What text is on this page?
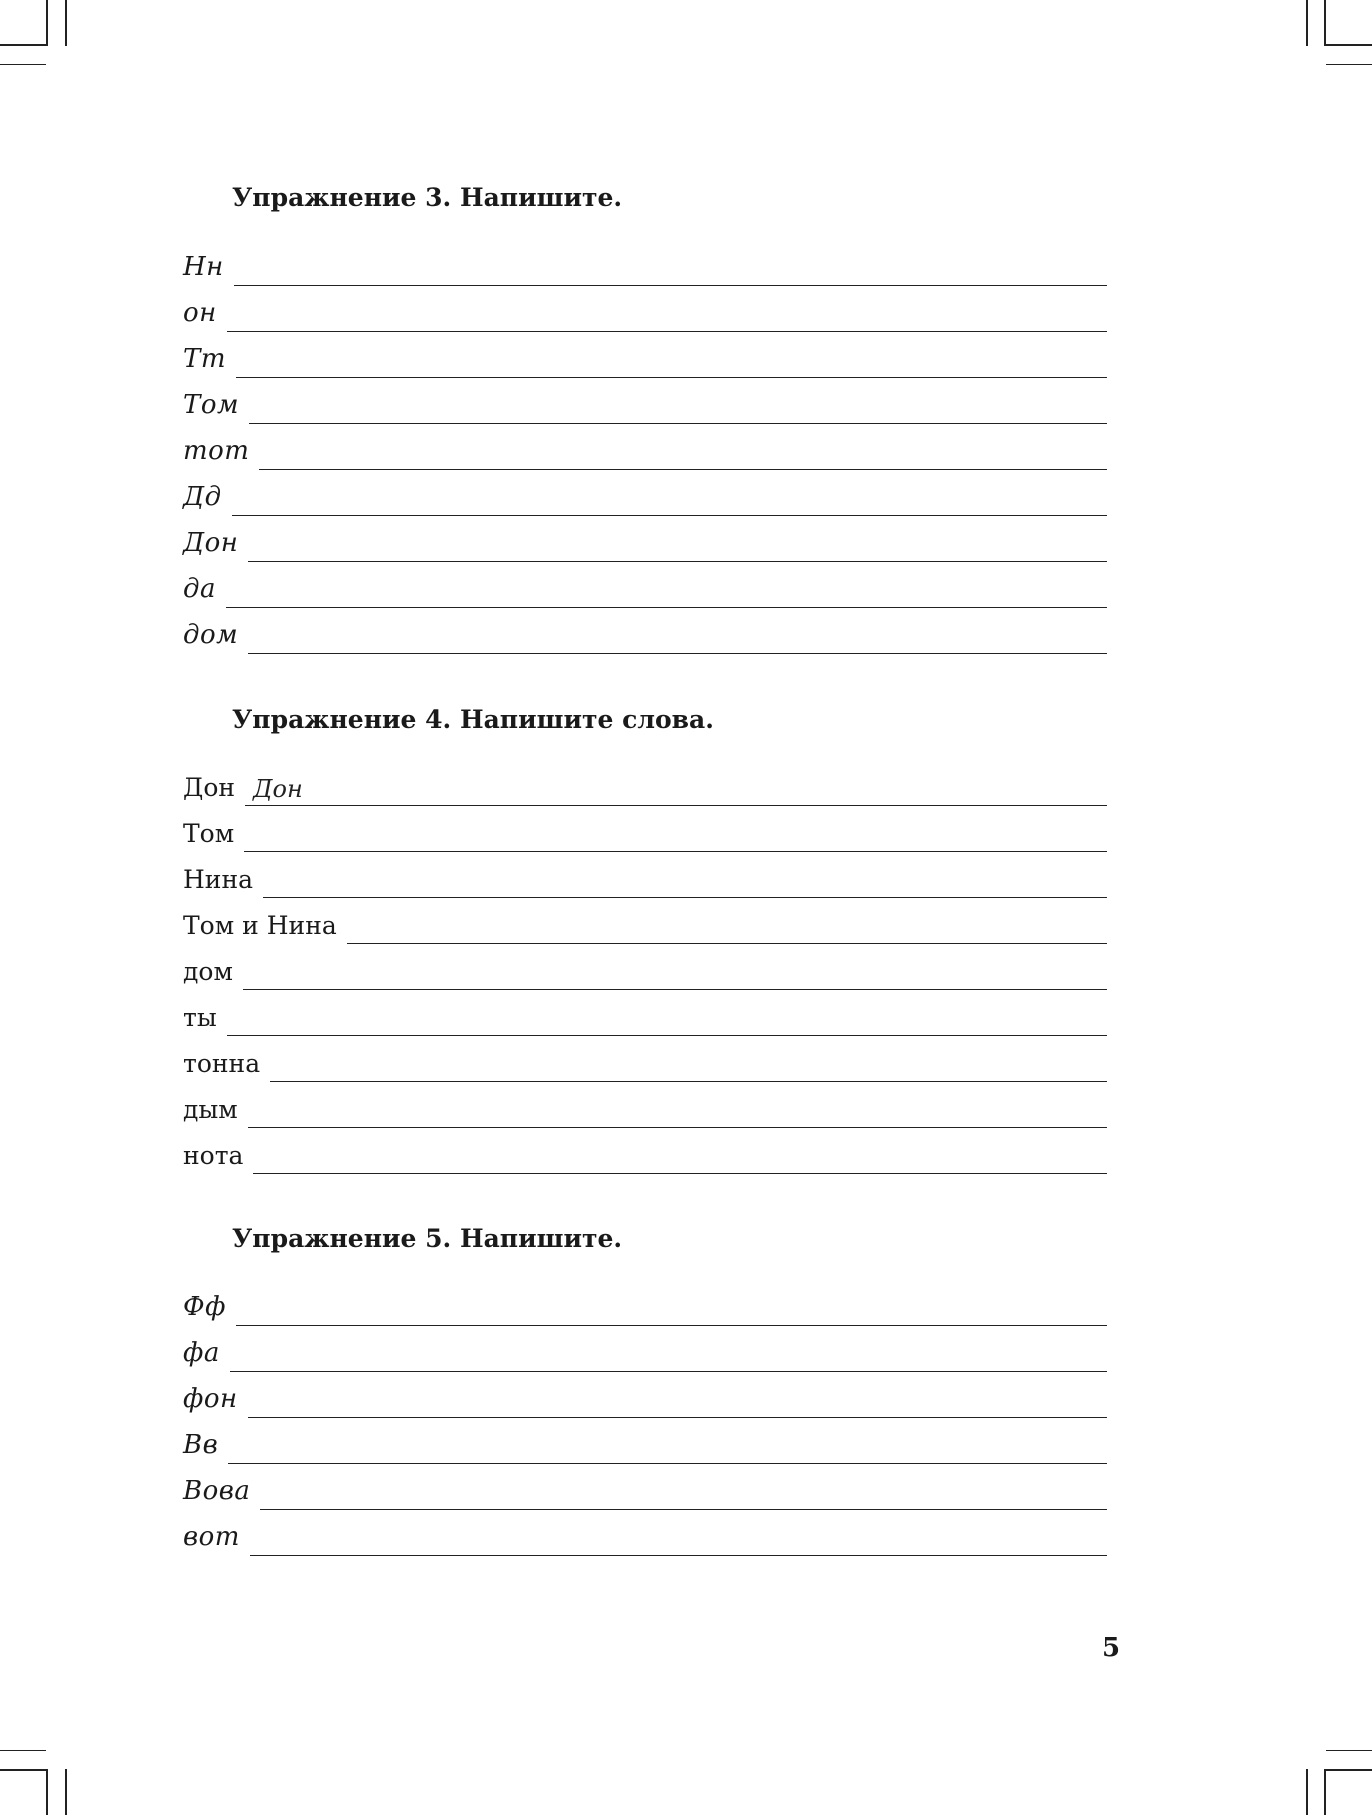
Упражнение 3. Напишите.
Нн
он
Тт
Том
тот
Дд
Дон
да
дом
Упражнение 4. Напишите слова.
Дон Дон
Том
Нина
Том и Нина
дом
ты
тонна
дым
нота
Упражнение 5. Напишите.
Фф
фа
фон
Вв
Вова
вот
5
